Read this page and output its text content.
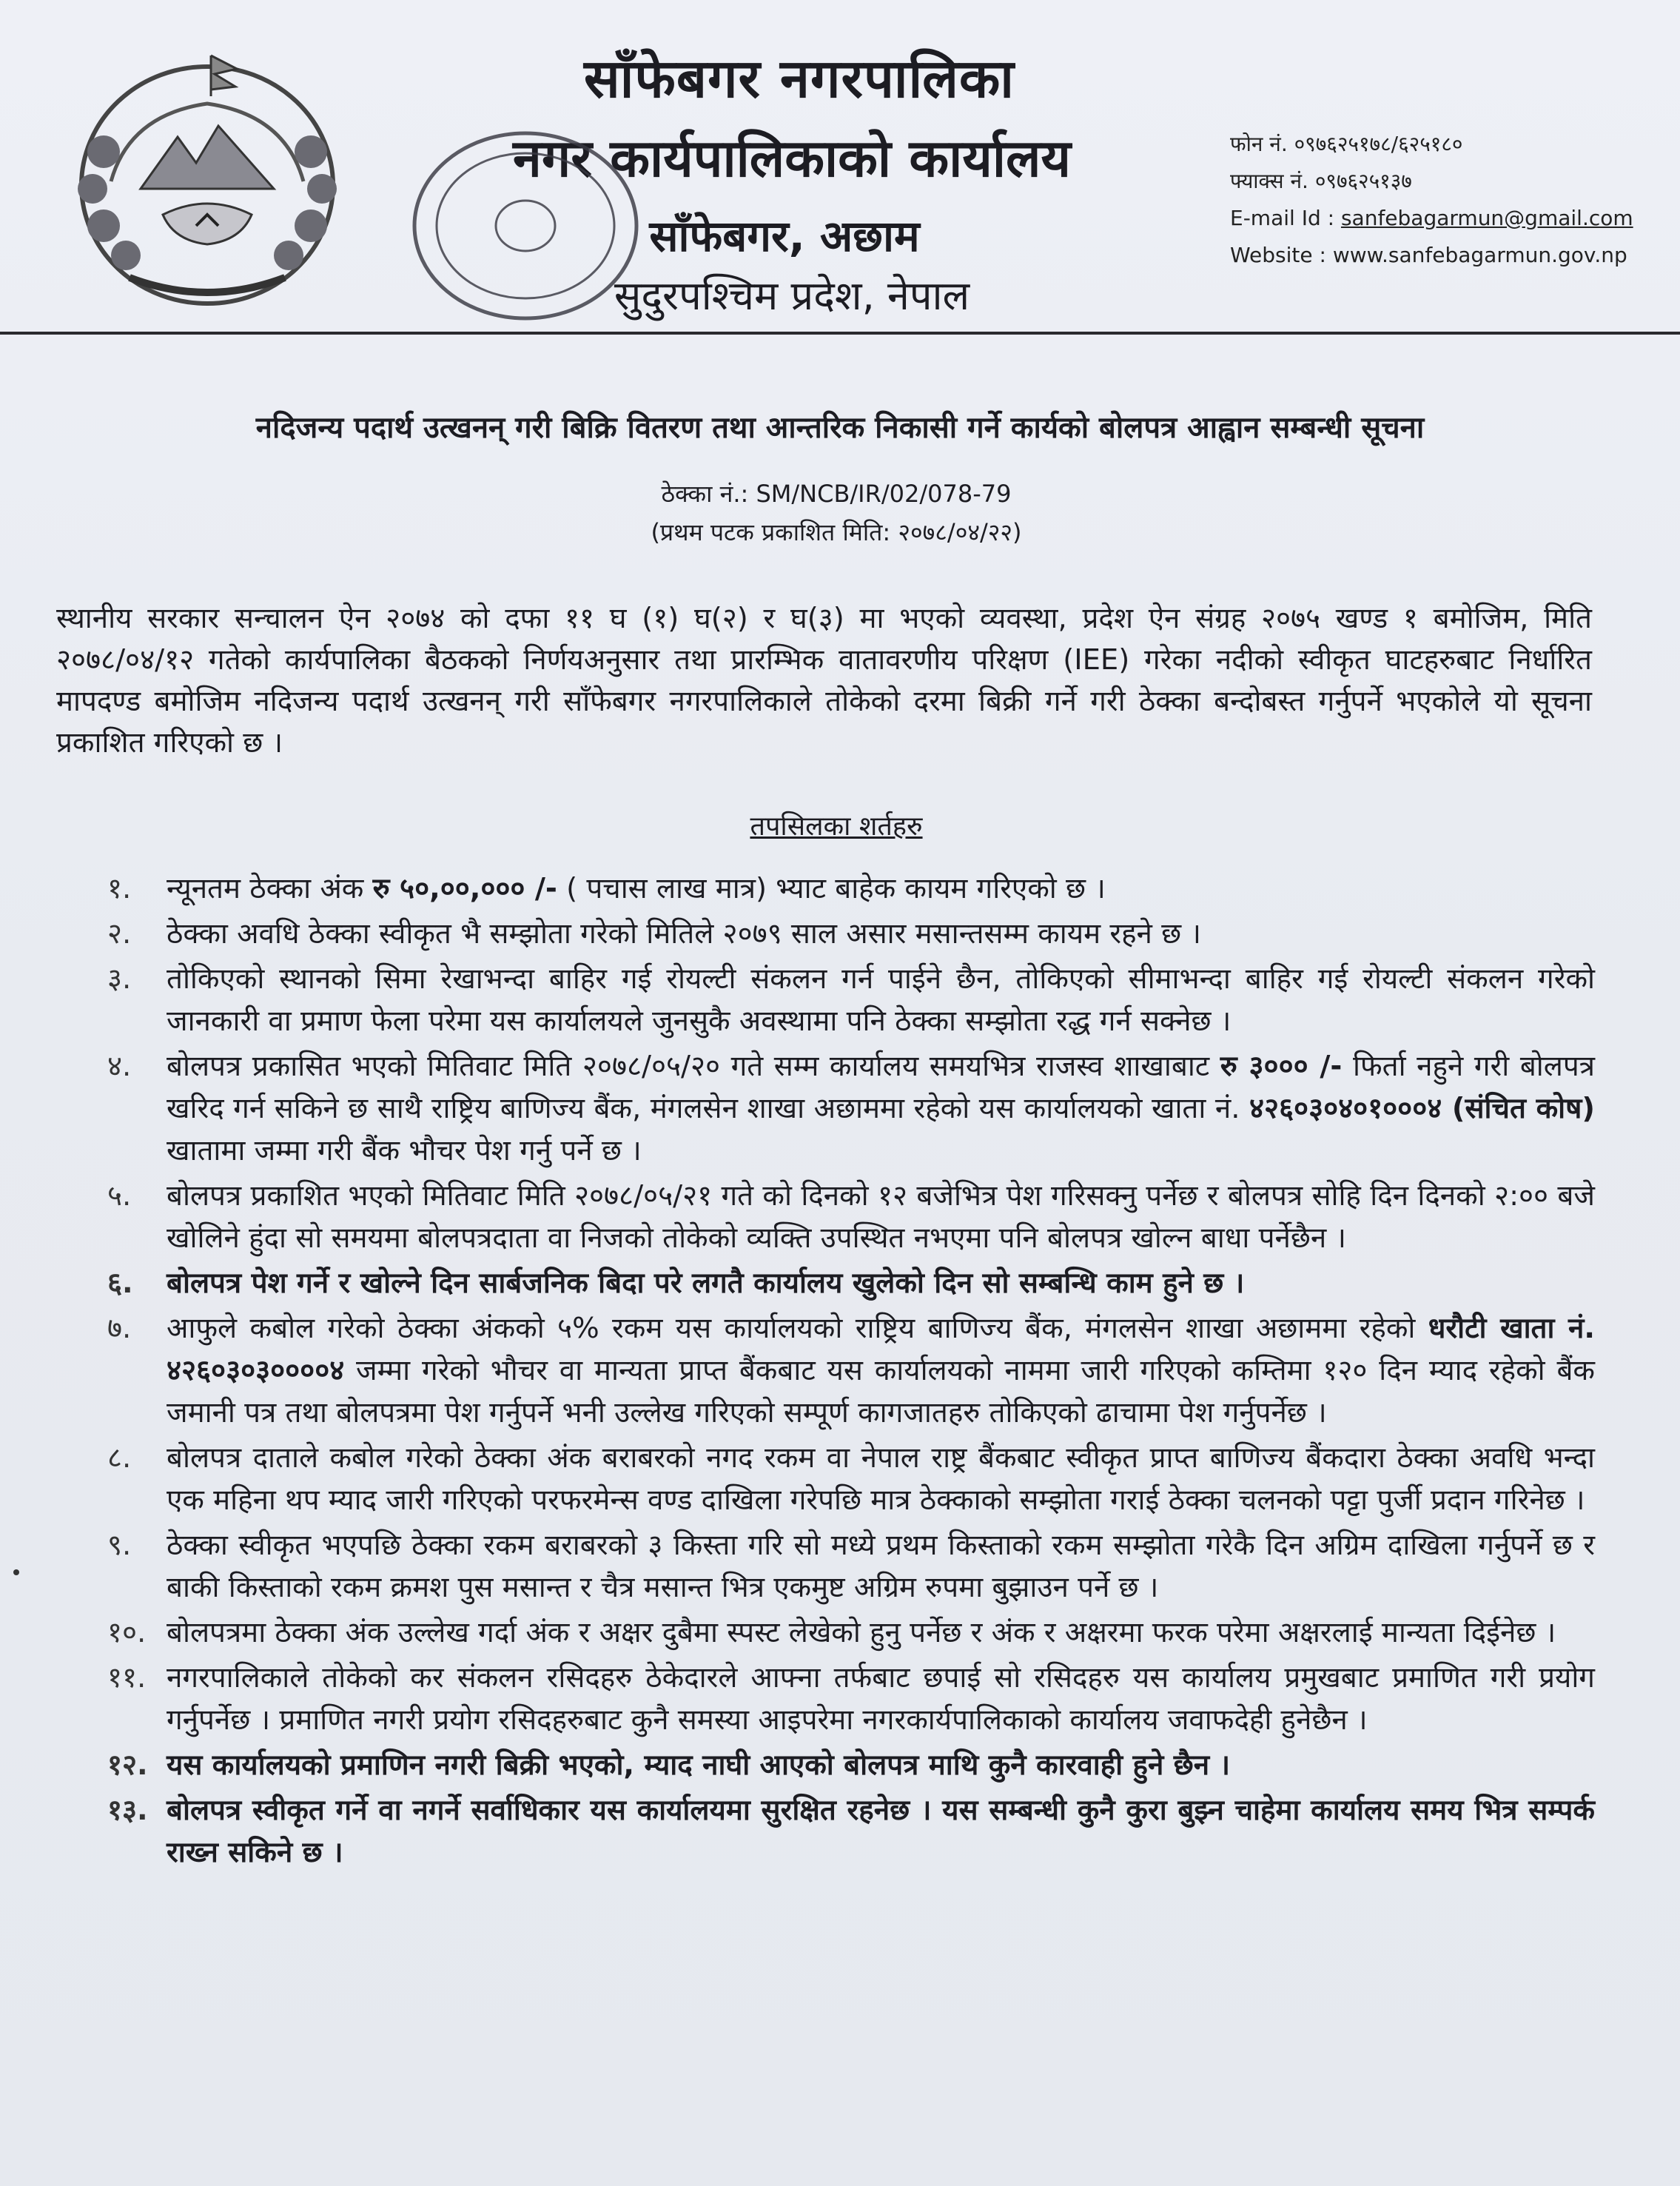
साँफेबगर नगरपालिका
नगर कार्यपालिकाको कार्यालय
साँफेबगर, अछाम
सुदुरपश्चिम प्रदेश, नेपाल
फोन नं. ०९७६२५१७८/६२५१८०
फ्याक्स नं. ०९७६२५१३७
E-mail Id : sanfebagarmun@gmail.com
Website : www.sanfebagarmun.gov.np
नदिजन्य पदार्थ उत्खनन् गरी बिक्रि वितरण तथा आन्तरिक निकासी गर्ने कार्यको बोलपत्र आह्वान सम्बन्धी सूचना
ठेक्का नं.: SM/NCB/IR/02/078-79
(प्रथम पटक प्रकाशित मिति: २०७८/०४/२२)
स्थानीय सरकार सन्चालन ऐन २०७४ को दफा ११ घ (१) घ(२) र घ(३) मा भएको व्यवस्था, प्रदेश ऐन संग्रह २०७५ खण्ड १ बमोजिम, मिति २०७८/०४/१२ गतेको कार्यपालिका बैठकको निर्णयअनुसार तथा प्रारम्भिक वातावरणीय परिक्षण (IEE) गरेका नदीको स्वीकृत घाटहरुबाट निर्धारित मापदण्ड बमोजिम नदिजन्य पदार्थ उत्खनन् गरी साँफेबगर नगरपालिकाले तोकेको दरमा बिक्री गर्ने गरी ठेक्का बन्दोबस्त गर्नुपर्ने भएकोले यो सूचना प्रकाशित गरिएको छ ।
तपसिलका शर्तहरु
१.	न्यूनतम ठेक्का अंक रु ५०,००,००० /- ( पचास लाख मात्र) भ्याट बाहेक कायम गरिएको छ ।
२.	ठेक्का अवधि ठेक्का स्वीकृत भै सम्झोता गरेको मितिले २०७९ साल असार मसान्तसम्म कायम रहने छ ।
३.	तोकिएको स्थानको सिमा रेखाभन्दा बाहिर गई रोयल्टी संकलन गर्न पाईने छैन, तोकिएको सीमाभन्दा बाहिर गई रोयल्टी संकलन गरेको जानकारी वा प्रमाण फेला परेमा यस कार्यालयले जुनसुकै अवस्थामा पनि ठेक्का सम्झोता रद्ध गर्न सक्नेछ ।
४.	बोलपत्र प्रकासित भएको मितिवाट मिति २०७८/०५/२० गते सम्म कार्यालय समयभित्र राजस्व शाखाबाट रु ३००० /- फिर्ता नहुने गरी बोलपत्र खरिद गर्न सकिने छ साथै राष्ट्रिय बाणिज्य बैंक, मंगलसेन शाखा अछाममा रहेको यस कार्यालयको खाता नं. ४२६०३०४०१०००४ (संचित कोष) खातामा जम्मा गरी बैंक भौचर पेश गर्नु पर्ने छ ।
५.	बोलपत्र प्रकाशित भएको मितिवाट मिति २०७८/०५/२१ गते को दिनको १२ बजेभित्र पेश गरिसक्नु पर्नेछ र बोलपत्र सोहि दिन दिनको २:०० बजे खोलिने हुंदा सो समयमा बोलपत्रदाता वा निजको तोकेको व्यक्ति उपस्थित नभएमा पनि बोलपत्र खोल्न बाधा पर्नेछैन ।
६.	बोलपत्र पेश गर्ने र खोल्ने दिन सार्बजनिक बिदा परे लगतै कार्यालय खुलेको दिन सो सम्बन्धि काम हुने छ ।
७.	आफुले कबोल गरेको ठेक्का अंकको ५% रकम यस कार्यालयको राष्ट्रिय बाणिज्य बैंक, मंगलसेन शाखा अछाममा रहेको धरौटी खाता नं. ४२६०३०३००००४ जम्मा गरेको भौचर वा मान्यता प्राप्त बैंकबाट यस कार्यालयको नाममा जारी गरिएको कम्तिमा १२० दिन म्याद रहेको बैंक जमानी पत्र तथा बोलपत्रमा पेश गर्नुपर्ने भनी उल्लेख गरिएको सम्पूर्ण कागजातहरु तोकिएको ढाचामा पेश गर्नुपर्नेछ ।
८.	बोलपत्र दाताले कबोल गरेको ठेक्का अंक बराबरको नगद रकम वा नेपाल राष्ट्र बैंकबाट स्वीकृत प्राप्त बाणिज्य बैंकदारा ठेक्का अवधि भन्दा एक महिना थप म्याद जारी गरिएको परफरमेन्स वण्ड दाखिला गरेपछि मात्र ठेक्काको सम्झोता गराई ठेक्का चलनको पट्टा पुर्जी प्रदान गरिनेछ ।
९.	ठेक्का स्वीकृत भएपछि ठेक्का रकम बराबरको ३ किस्ता गरि सो मध्ये प्रथम किस्ताको रकम सम्झोता गरेकै दिन अग्रिम दाखिला गर्नुपर्ने छ र बाकी किस्ताको रकम क्रमश पुस मसान्त र चैत्र मसान्त भित्र एकमुष्ट अग्रिम रुपमा बुझाउन पर्ने छ ।
१०. बोलपत्रमा ठेक्का अंक उल्लेख गर्दा अंक र अक्षर दुबैमा स्पस्ट लेखेको हुनु पर्नेछ र अंक र अक्षरमा फरक परेमा अक्षरलाई मान्यता दिईनेछ ।
११. नगरपालिकाले तोकेको कर संकलन रसिदहरु ठेकेदारले आफ्ना तर्फबाट छपाई सो रसिदहरु यस कार्यालय प्रमुखबाट प्रमाणित गरी प्रयोग गर्नुपर्नेछ । प्रमाणित नगरी प्रयोग रसिदहरुबाट कुनै समस्या आइपरेमा नगरकार्यपालिकाको कार्यालय जवाफदेही हुनेछैन ।
१२. यस कार्यालयको प्रमाणिन नगरी बिक्री भएको, म्याद नाघी आएको बोलपत्र माथि कुनै कारवाही हुने छैन ।
१३. बोलपत्र स्वीकृत गर्ने वा नगर्ने सर्वाधिकार यस कार्यालयमा सुरक्षित रहनेछ । यस सम्बन्धी कुनै कुरा बुझ्न चाहेमा कार्यालय समय भित्र सम्पर्क राख्न सकिने छ ।
